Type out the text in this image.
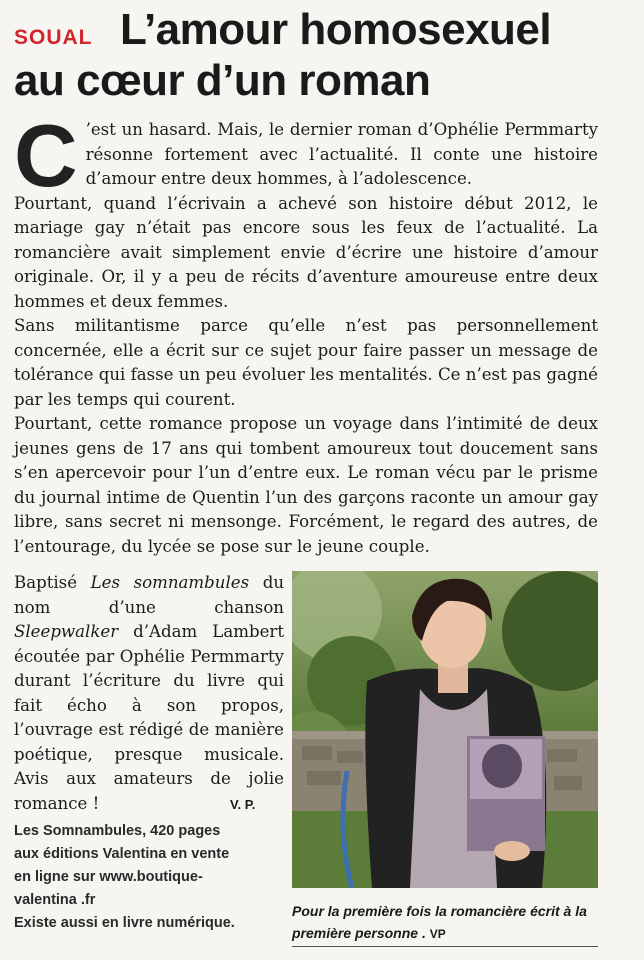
SOUAL L’amour homosexuel
au cœur d’un roman

C ’est un hasard. Mais, le dernier roman d’Ophélie Permmarty résonne fortement avec l’actualité. Il conte une histoire d’amour entre deux hommes, à l’adolescence.

Pourtant, quand l’écrivain a achevé son histoire début 2012, le mariage gay n’était pas encore sous les feux de l’actualité. La romancière avait simplement envie d’écrire une histoire d’amour originale. Or, il y a peu de récits d’aventure amoureuse entre deux hommes et deux femmes.

Sans militantisme parce qu’elle n’est pas personnellement concernée, elle a écrit sur ce sujet pour faire passer un message de tolérance qui fasse un peu évoluer les mentalités. Ce n’est pas gagné par les temps qui courent.

Pourtant, cette romance propose un voyage dans l’intimité de deux jeunes gens de 17 ans qui tombent amoureux tout doucement sans s’en apercevoir pour l’un d’entre eux. Le roman vécu par le prisme du journal intime de Quentin l’un des garçons raconte un amour gay libre, sans secret ni mensonge. Forcément, le regard des autres, de l’entourage, du lycée se pose sur le jeune couple.

Baptisé Les somnambules du nom d’une chanson Sleepwalker d’Adam Lambert écoutée par Ophélie Permmarty durant l’écriture du livre qui fait écho à son propos, l’ouvrage est rédigé de manière poétique, presque musicale. Avis aux amateurs de jolie romance !	V. P.
Les Somnambules, 420 pages
aux éditions Valentina en vente
en ligne sur www.boutique-
valentina .fr
Existe aussi en livre numérique.
Pour la première fois la romancière écrit à la première personne . VP
